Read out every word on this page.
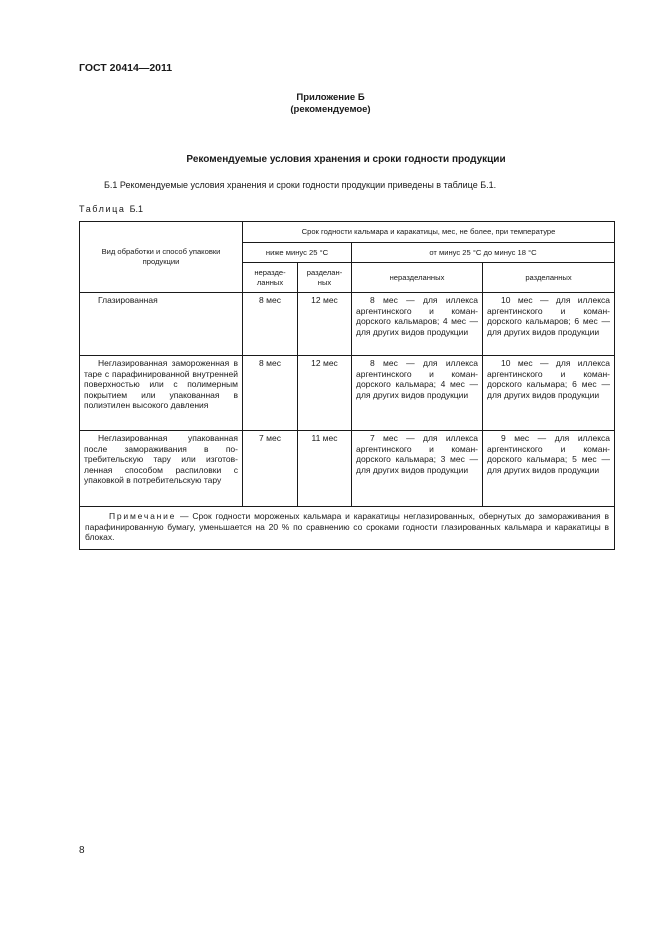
ГОСТ 20414—2011
Приложение Б
(рекомендуемое)
Рекомендуемые условия хранения и сроки годности продукции
Б.1 Рекомендуемые условия хранения и сроки годности продукции приведены в таблице Б.1.
Таблица Б.1
Вид обработки и способ упаковки продукции	Срок годности кальмара и каракатицы, мес, не более, при температуре			
	ниже минус 25 °С		от минус 25 °С до минус 18 °С	
	неразделанных	разделанных	неразделанных	разделанных
Глазированная	8 мес	12 мес	8 мес — для иллекса аргентинского и командорского кальмаров; 4 мес — для других видов продукции	10 мес — для иллекса аргентинского и командорского кальмаров; 6 мес — для других видов продукции
Неглазированная замороженная в таре с парафинированной внутренней поверхностью или с полимерным покрытием или упакованная в полиэтилен высокого давления	8 мес	12 мес	8 мес — для иллекса аргентинского и командорского кальмара; 4 мес — для других видов продукции	10 мес — для иллекса аргентинского и командорского кальмара; 6 мес — для других видов продукции
Неглазированная упакованная после замораживания в потребительскую тару или изготовленная способом распиловки с упаковкой в потребительскую тару	7 мес	11 мес	7 мес — для иллекса аргентинского и командорского кальмара; 3 мес — для других видов продукции	9 мес — для иллекса аргентинского и командорского кальмара; 5 мес — для других видов продукции
Примечание — Срок годности мороженых кальмара и каракатицы неглазированных, обернутых до замораживания в парафинированную бумагу, уменьшается на 20 % по сравнению со сроками годности глазированных кальмара и каракатицы в блоках.				
8
